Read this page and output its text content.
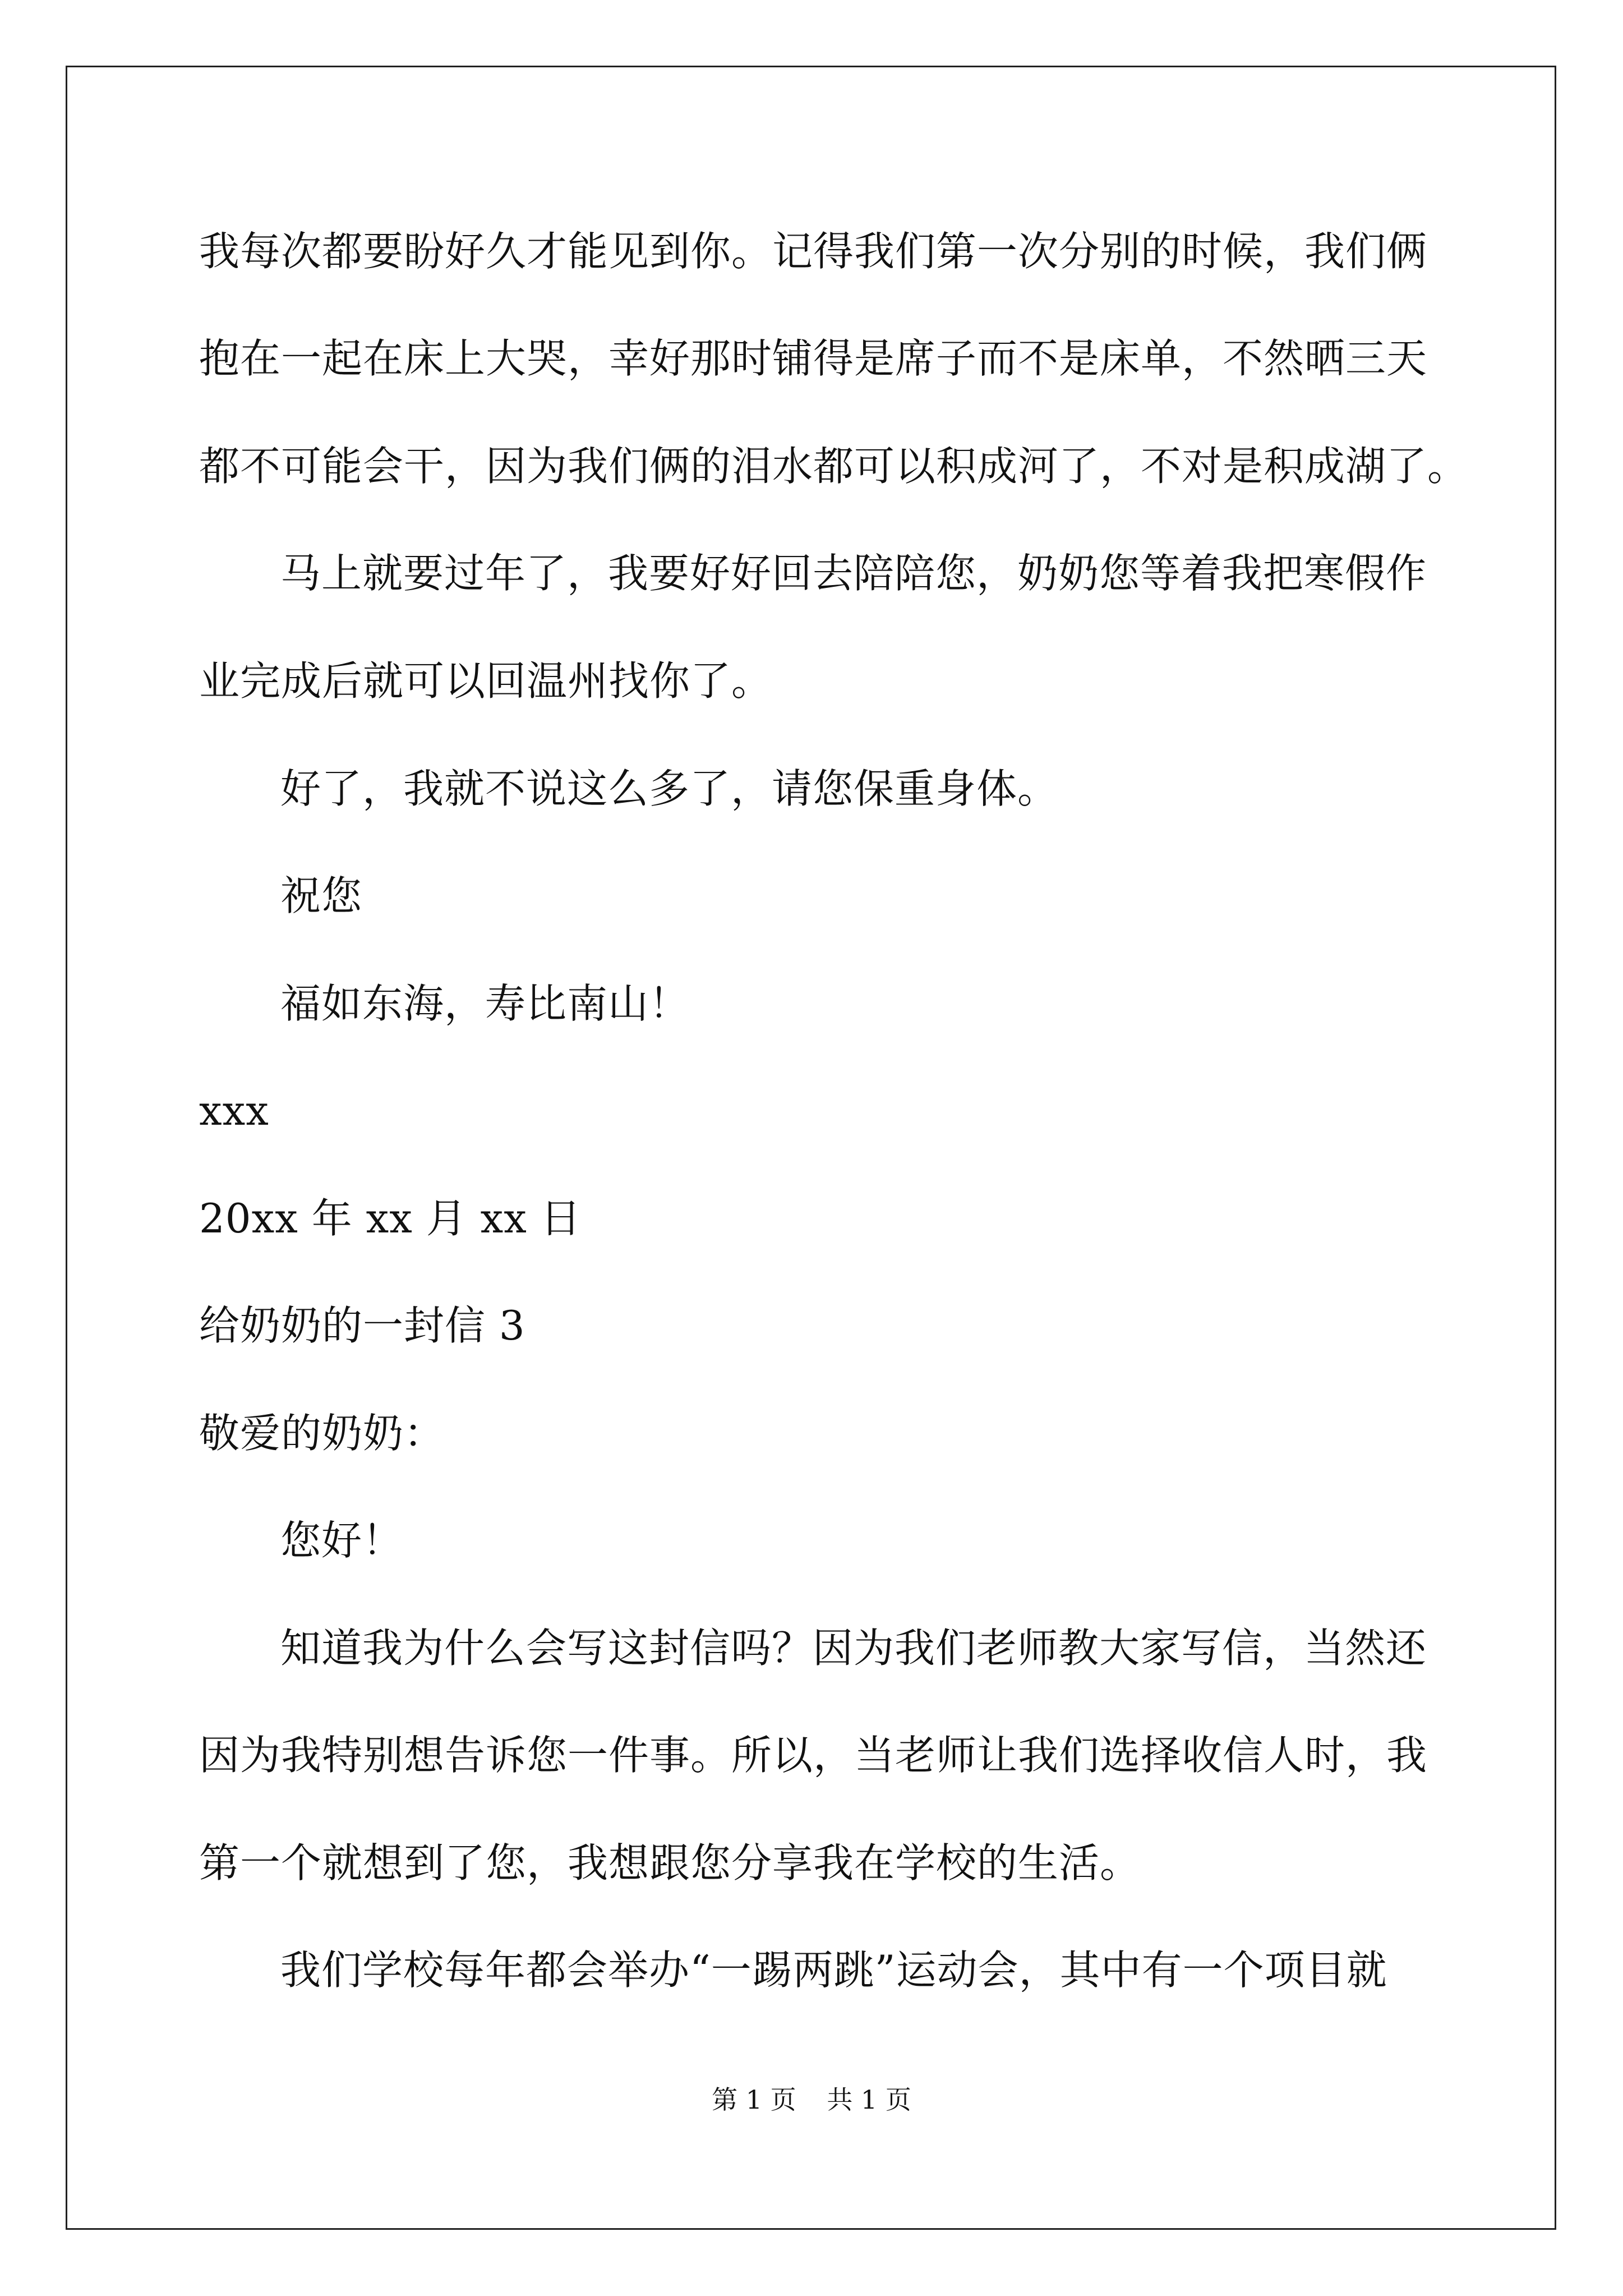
我每次都要盼好久才能见到你。记得我们第一次分别的时候，我们俩
抱在一起在床上大哭，幸好那时铺得是席子而不是床单，不然晒三天
都不可能会干，因为我们俩的泪水都可以积成河了，不对是积成湖了。
马上就要过年了，我要好好回去陪陪您，奶奶您等着我把寒假作
业完成后就可以回温州找你了。
好了，我就不说这么多了，请您保重身体。
祝您
福如东海，寿比南山！
xxx
20xx 年 xx 月 xx 日
给奶奶的一封信 3
敬爱的奶奶：
您好！
知道我为什么会写这封信吗？因为我们老师教大家写信，当然还
因为我特别想告诉您一件事。所以，当老师让我们选择收信人时，我
第一个就想到了您，我想跟您分享我在学校的生活。
我们学校每年都会举办“一踢两跳”运动会，其中有一个项目就
第 1 页 共 1 页
